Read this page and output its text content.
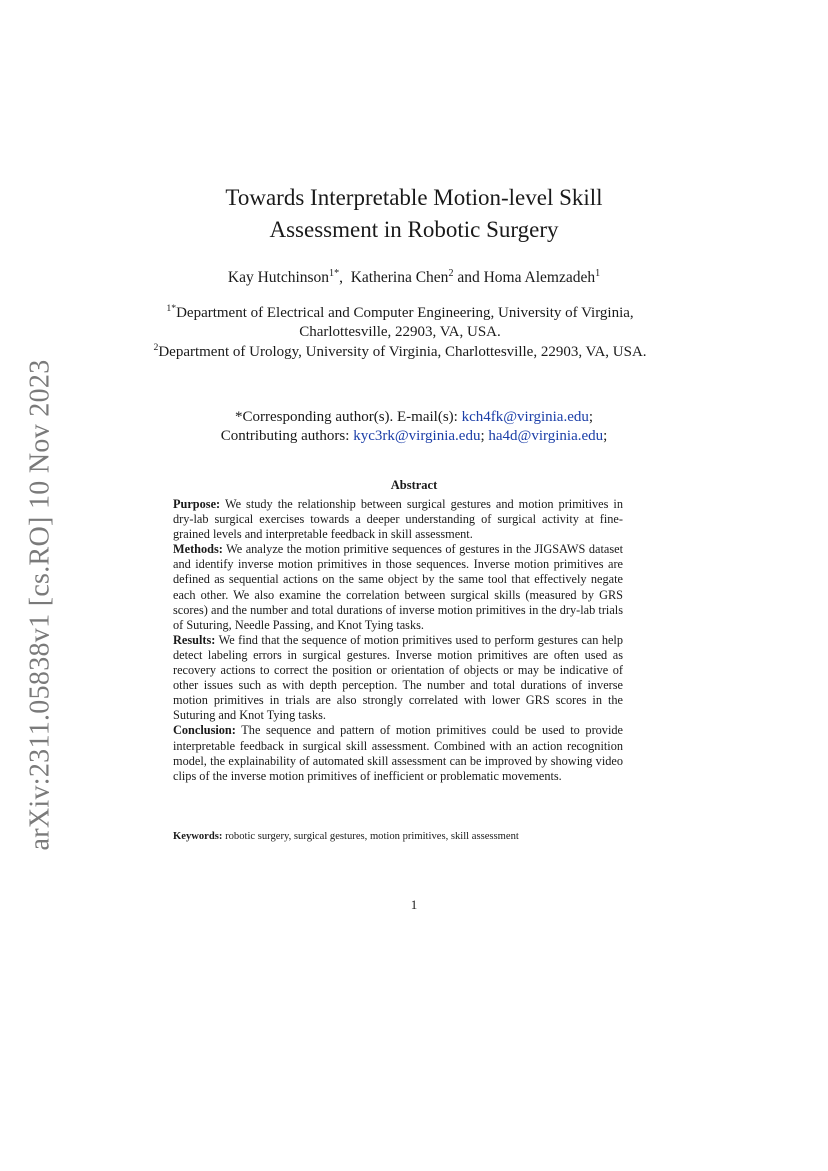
arXiv:2311.05838v1 [cs.RO] 10 Nov 2023
Towards Interpretable Motion-level Skill
Assessment in Robotic Surgery
Kay Hutchinson$^{1*}$,  Katherina Chen$^2$ and Homa Alemzadeh$^1$
$^{1*}$Department of Electrical and Computer Engineering, University of Virginia, Charlottesville, 22903, VA, USA.
$^2$Department of Urology, University of Virginia, Charlottesville, 22903, VA, USA.
*Corresponding author(s). E-mail(s): kch4fk@virginia.edu;
Contributing authors: kyc3rk@virginia.edu; ha4d@virginia.edu;
Abstract

Purpose: We study the relationship between surgical gestures and motion primitives in dry-lab surgical exercises towards a deeper understanding of surgical activity at fine-grained levels and interpretable feedback in skill assessment.

Methods: We analyze the motion primitive sequences of gestures in the JIGSAWS dataset and identify inverse motion primitives in those sequences. Inverse motion primitives are defined as sequential actions on the same object by the same tool that effectively negate each other. We also examine the correlation between surgical skills (measured by GRS scores) and the number and total durations of inverse motion primitives in the dry-lab trials of Suturing, Needle Passing, and Knot Tying tasks.

Results: We find that the sequence of motion primitives used to perform gestures can help detect labeling errors in surgical gestures. Inverse motion primitives are often used as recovery actions to correct the position or orientation of objects or may be indicative of other issues such as with depth perception. The number and total durations of inverse motion primitives in trials are also strongly correlated with lower GRS scores in the Suturing and Knot Tying tasks.

Conclusion: The sequence and pattern of motion primitives could be used to provide interpretable feedback in surgical skill assessment. Combined with an action recognition model, the explainability of automated skill assessment can be improved by showing video clips of the inverse motion primitives of inefficient or problematic movements.

Keywords: robotic surgery, surgical gestures, motion primitives, skill assessment
1
